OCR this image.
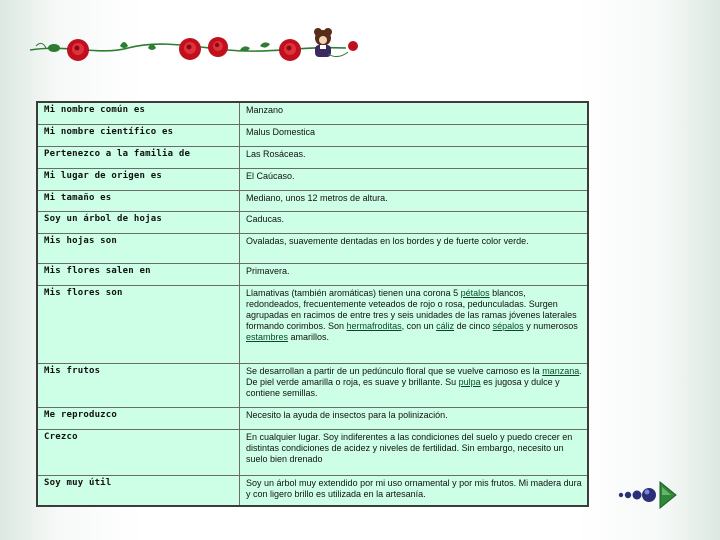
Mi nombre común es	Manzano
Mi nombre científico es	Malus Domestica
Pertenezco a la familia de	Las Rosáceas.
Mi lugar de origen es	El Caúcaso.
Mi tamaño es	Mediano, unos 12 metros de altura.
Soy un árbol de hojas	Caducas.
Mis hojas son	Ovaladas, suavemente dentadas en los bordes y de fuerte color verde.
Mis flores salen en	Primavera.
Mis flores son	Llamativas (también aromáticas) tienen una corona 5 pétalos blancos, redondeados, frecuentemente veteados de rojo o rosa, pedunculadas. Surgen agrupadas en racimos de entre tres y seis unidades de las ramas jóvenes laterales formando corimbos. Son hermafroditas, con un cáliz de cinco sépalos y numerosos estambres amarillos.
Mis frutos	Se desarrollan a partir de un pedúnculo floral que se vuelve carnoso es la manzana. De piel verde amarilla o roja, es suave y brillante. Su pulpa es jugosa y dulce y contiene semillas.
Me reproduzco	Necesito la ayuda de insectos para la polinización.
Crezco	En cualquier lugar. Soy indiferentes a las condiciones del suelo y puedo crecer en distintas condiciones de acidez y niveles de fertilidad. Sin embargo, necesito un suelo bien drenado
Soy muy útil	Soy un árbol muy extendido por mi uso ornamental y por mis frutos. Mi madera dura y con ligero brillo es utilizada en la artesanía.
